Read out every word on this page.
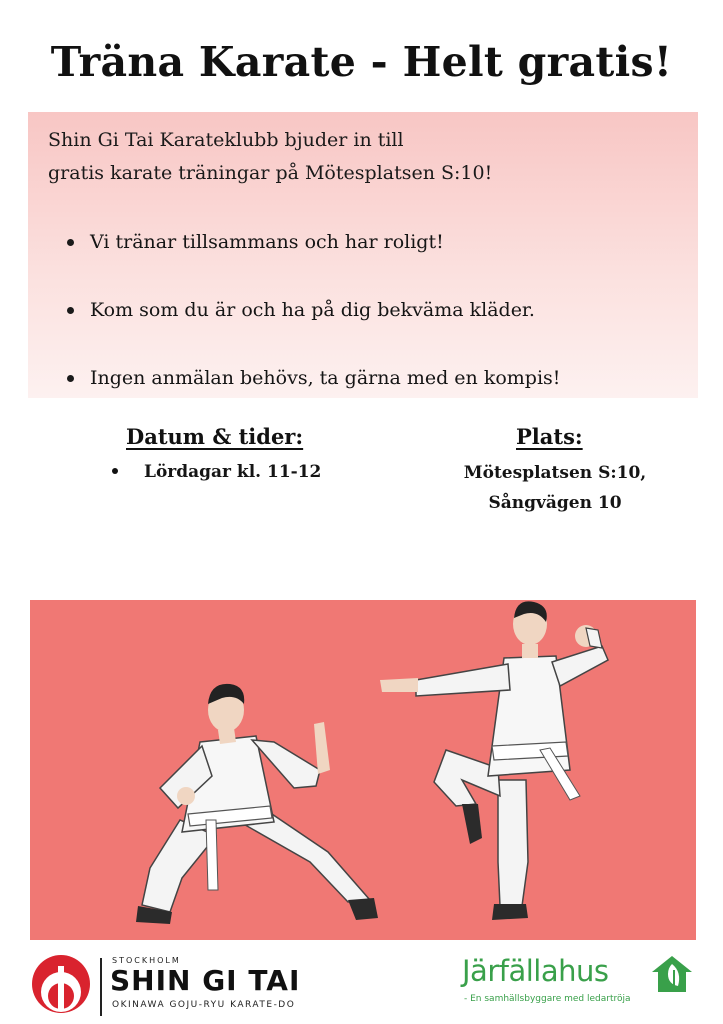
Träna Karate - Helt gratis!
Shin Gi Tai Karateklubb bjuder in till
gratis karate träningar på Mötesplatsen S:10!
Vi tränar tillsammans och har roligt!
Kom som du är och ha på dig bekväma kläder.
Ingen anmälan behövs, ta gärna med en kompis!
Datum & tider:
Lördagar kl. 11-12
Plats:
Mötesplatsen S:10,
Sångvägen 10
STOCKHOLM
SHIN GI TAI
OKINAWA GOJU-RYU KARATE-DO
Järfällahus
- En samhällsbyggare med ledartröja
